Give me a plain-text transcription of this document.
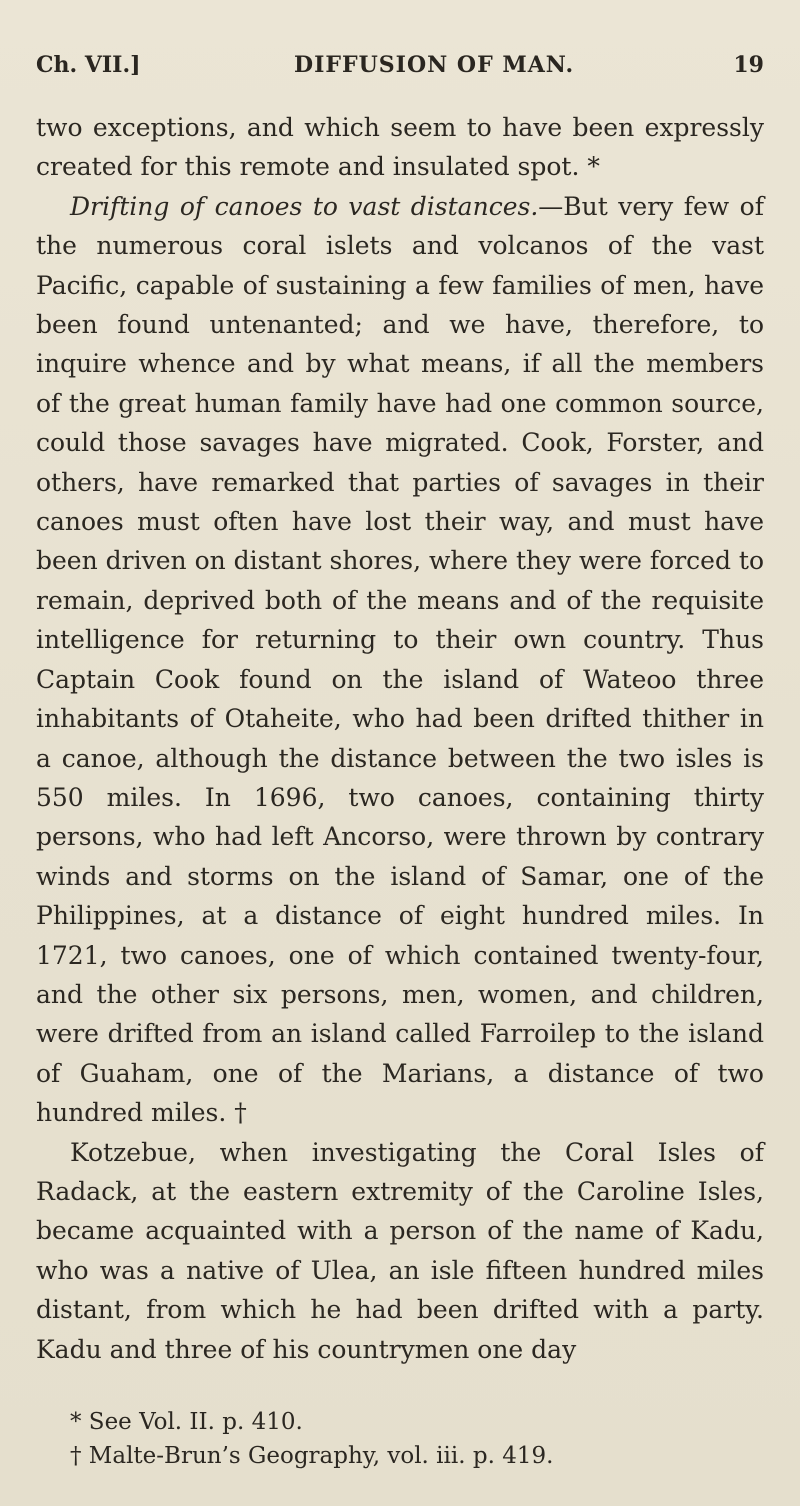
Ch. VII.]	DIFFUSION OF MAN.	19

two exceptions, and which seem to have been expressly created for this remote and insulated spot. *

Drifting of canoes to vast distances.—But very few of the numerous coral islets and volcanos of the vast Pacific, capable of sustaining a few families of men, have been found untenanted; and we have, therefore, to inquire whence and by what means, if all the members of the great human family have had one common source, could those savages have migrated. Cook, Forster, and others, have remarked that parties of savages in their canoes must often have lost their way, and must have been driven on distant shores, where they were forced to remain, deprived both of the means and of the requisite intelligence for returning to their own country. Thus Captain Cook found on the island of Wateoo three inhabitants of Otaheite, who had been drifted thither in a canoe, although the distance between the two isles is 550 miles. In 1696, two canoes, containing thirty persons, who had left Ancorso, were thrown by contrary winds and storms on the island of Samar, one of the Philippines, at a distance of eight hundred miles. In 1721, two canoes, one of which contained twenty-four, and the other six persons, men, women, and children, were drifted from an island called Farroilep to the island of Guaham, one of the Marians, a distance of two hundred miles. †

Kotzebue, when investigating the Coral Isles of Radack, at the eastern extremity of the Caroline Isles, became acquainted with a person of the name of Kadu, who was a native of Ulea, an isle fifteen hundred miles distant, from which he had been drifted with a party. Kadu and three of his countrymen one day

* See Vol. II. p. 410.

† Malte-Brun’s Geography, vol. iii. p. 419.
